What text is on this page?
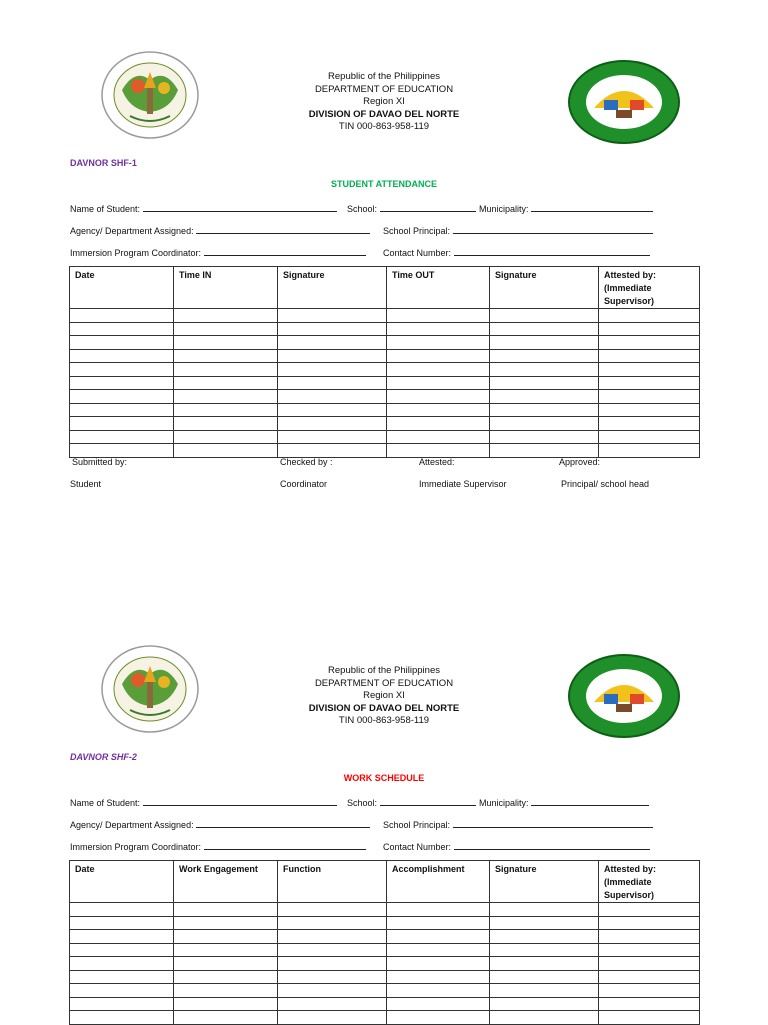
Republic of the Philippines
DEPARTMENT OF EDUCATION
Region XI
DIVISION OF DAVAO DEL NORTE
TIN 000-863-958-119
DAVNOR SHF-1
STUDENT ATTENDANCE
Name of Student:	School:	Municipality:
Agency/ Department Assigned:	School Principal:
Immersion Program Coordinator:	Contact Number:
Date	Time IN	Signature	Time OUT	Signature	Attested by: (Immediate Supervisor)

Submitted by:	Checked by :	Attested:	Approved:
Student	Coordinator	Immediate Supervisor	Principal/ school head
Republic of the Philippines
DEPARTMENT OF EDUCATION
Region XI
DIVISION OF DAVAO DEL NORTE
TIN 000-863-958-119
DAVNOR SHF-2
WORK SCHEDULE
Name of Student:	School:	Municipality:
Agency/ Department Assigned:	School Principal:
Immersion Program Coordinator:	Contact Number:
Date	Work Engagement	Function	Accomplishment	Signature	Attested by: (Immediate Supervisor)
